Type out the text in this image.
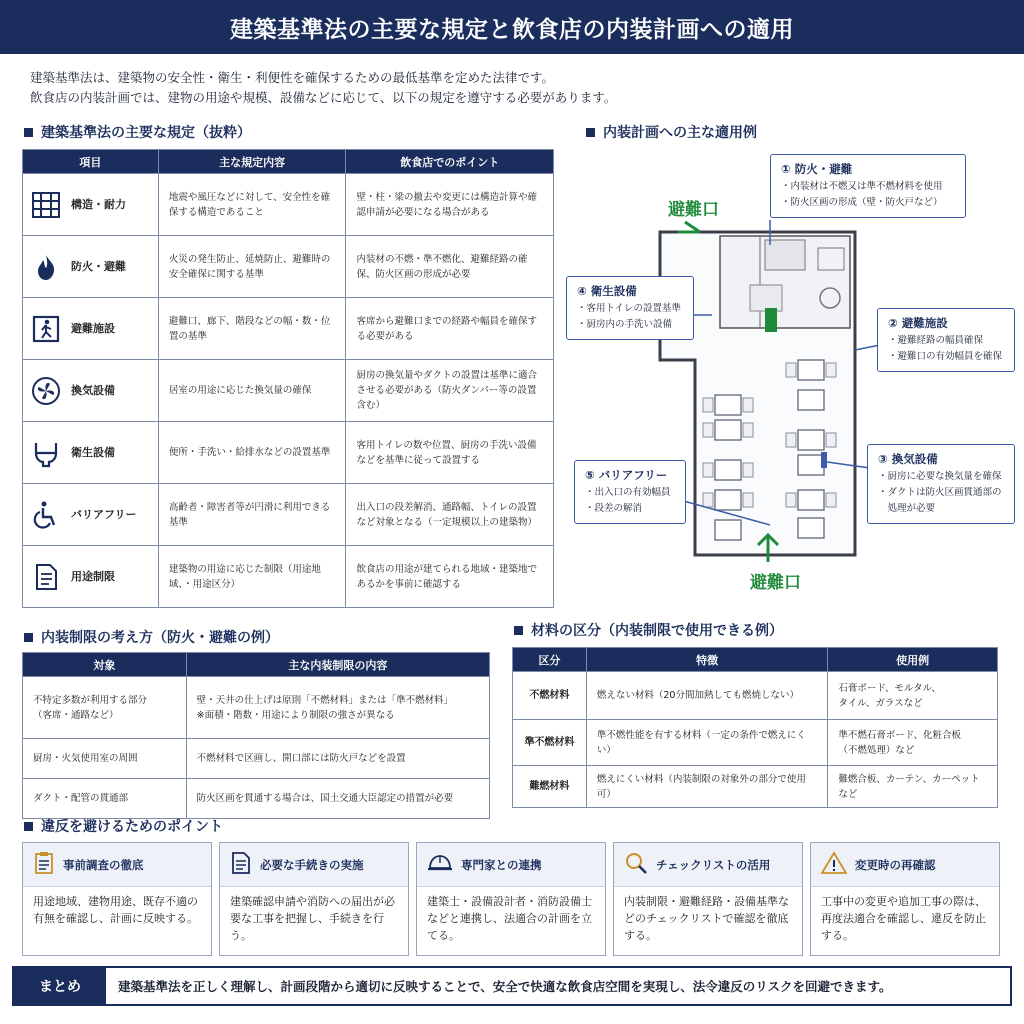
建築基準法の主要な規定と飲食店の内装計画への適用
建築基準法は、建築物の安全性・衛生・利便性を確保するための最低基準を定めた法律です。
飲食店の内装計画では、建物の用途や規模、設備などに応じて、以下の規定を遵守する必要があります。
建築基準法の主要な規定（抜粋）
項目	主な規定内容	飲食店でのポイント

構造・耐力	地震や風圧などに対して、安全性を確保する構造であること	壁・柱・梁の撤去や変更には構造計算や確認申請が必要になる場合がある

防火・避難	火災の発生防止、延焼防止、避難時の安全確保に関する基準	内装材の不燃・準不燃化、避難経路の確保、防火区画の形成が必要

避難施設	避難口、廊下、階段などの幅・数・位置の基準	客席から避難口までの経路や幅員を確保する必要がある

換気設備	居室の用途に応じた換気量の確保	厨房の換気量やダクトの設置は基準に適合させる必要がある（防火ダンパー等の設置含む）

衛生設備	便所・手洗い・給排水などの設置基準	客用トイレの数や位置、厨房の手洗い設備などを基準に従って設置する

バリアフリー	高齢者・障害者等が円滑に利用できる基準	出入口の段差解消、通路幅、トイレの設置など対象となる（一定規模以上の建築物）

用途制限	建築物の用途に応じた制限（用途地域、・用途区分）	飲食店の用途が建てられる地域・建築地であるかを事前に確認する
内装計画への主な適用例
避難口
避難口
① 防火・避難
・内装材は不燃又は準不燃材料を使用
・防火区画の形成（壁・防火戸など）
② 避難施設
・避難経路の幅員確保
・避難口の有効幅員を確保
③ 換気設備
・厨房に必要な換気量を確保
・ダクトは防火区画貫通部の
　処理が必要
④ 衛生設備
・客用トイレの設置基準
・厨房内の手洗い設備
⑤ バリアフリー
・出入口の有効幅員
・段差の解消
内装制限の考え方（防火・避難の例）
対象	主な内装制限の内容
不特定多数が利用する部分
（客席・通路など）	壁・天井の仕上げは原則「不燃材料」または「準不燃材料」
※面積・階数・用途により制限の強さが異なる
厨房・火気使用室の周囲	不燃材料で区画し、開口部には防火戸などを設置
ダクト・配管の貫通部	防火区画を貫通する場合は、国土交通大臣認定の措置が必要
材料の区分（内装制限で使用できる例）
区分	特徴	使用例
不燃材料	燃えない材料（20分間加熱しても燃焼しない）	石膏ボード、モルタル、
タイル、ガラスなど
準不燃材料	準不燃性能を有する材料（一定の条件で燃えにくい）	準不燃石膏ボード、化粧合板
（不燃処理）など
難燃材料	燃えにくい材料（内装制限の対象外の部分で使用可）	難燃合板、カーテン、カーペットなど
違反を避けるためのポイント
事前調査の徹底
用途地域、建物用途、既存不適の有無を確認し、計画に反映する。
必要な手続きの実施
建築確認申請や消防への届出が必要な工事を把握し、手続きを行う。
専門家との連携
建築士・設備設計者・消防設備士などと連携し、法適合の計画を立てる。
チェックリストの活用
内装制限・避難経路・設備基準などのチェックリストで確認を徹底する。
変更時の再確認
工事中の変更や追加工事の際は、再度法適合を確認し、違反を防止する。
まとめ	建築基準法を正しく理解し、計画段階から適切に反映することで、安全で快適な飲食店空間を実現し、法令違反のリスクを回避できます。
